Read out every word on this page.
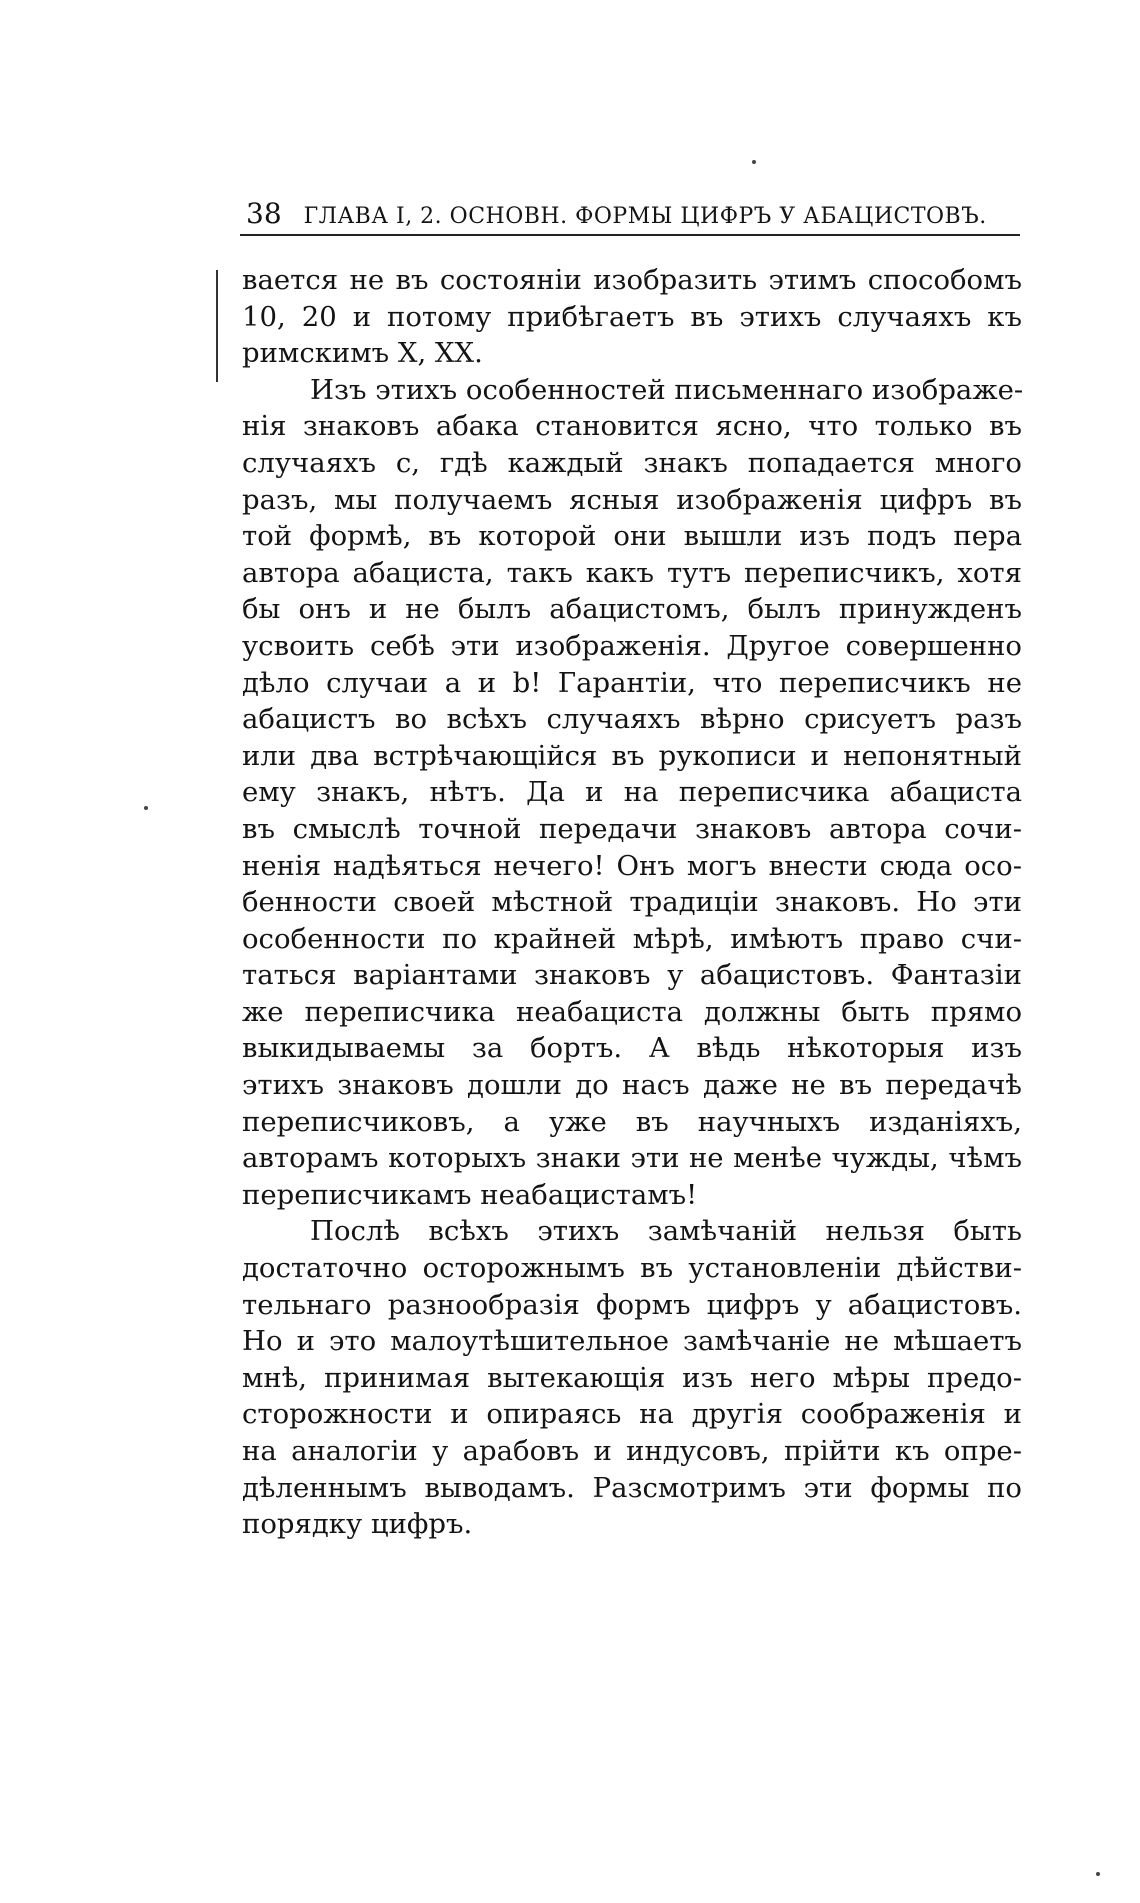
38 ГЛАВА I, 2. ОСНОВН. ФОРМЫ ЦИФРЪ У АБАЦИСТОВЪ.
вается не въ состоянiи изобразить этимъ способомъ
10, 20 и потому прибѣгаетъ въ этихъ случаяхъ къ
римскимъ X, XX.
Изъ этихъ особенностей письменнаго изображе-
нiя знаковъ абака становится ясно, что только въ
случаяхъ c, гдѣ каждый знакъ попадается много
разъ, мы получаемъ ясныя изображенiя цифръ въ
той формѣ, въ которой они вышли изъ подъ пера
автора абациста, такъ какъ тутъ переписчикъ, хотя
бы онъ и не былъ абацистомъ, былъ принужденъ
усвоить себѣ эти изображенiя. Другое совершенно
дѣло случаи a и b! Гарантiи, что переписчикъ не
абацистъ во всѣхъ случаяхъ вѣрно срисуетъ разъ
или два встрѣчающiйся въ рукописи и непонятный
ему знакъ, нѣтъ. Да и на переписчика абациста
въ смыслѣ точной передачи знаковъ автора сочи-
ненiя надѣяться нечего! Онъ могъ внести сюда осо-
бенности своей мѣстной традицiи знаковъ. Но эти
особенности по крайней мѣрѣ, имѣютъ право счи-
таться варiантами знаковъ у абацистовъ. Фантазiи
же переписчика неабациста должны быть прямо
выкидываемы за бортъ. А вѣдь нѣкоторыя изъ
этихъ знаковъ дошли до насъ даже не въ передачѣ
переписчиковъ, а уже въ научныхъ изданiяхъ,
авторамъ которыхъ знаки эти не менѣе чужды, чѣмъ
переписчикамъ неабацистамъ!
Послѣ всѣхъ этихъ замѣчанiй нельзя быть
достаточно осторожнымъ въ установленiи дѣйстви-
тельнаго разнообразiя формъ цифръ у абацистовъ.
Но и это малоутѣшительное замѣчанiе не мѣшаетъ
мнѣ, принимая вытекающiя изъ него мѣры предо-
сторожности и опираясь на другiя соображенiя и
на аналогiи у арабовъ и индусовъ, прiйти къ опре-
дѣленнымъ выводамъ. Разсмотримъ эти формы по
порядку цифръ.
